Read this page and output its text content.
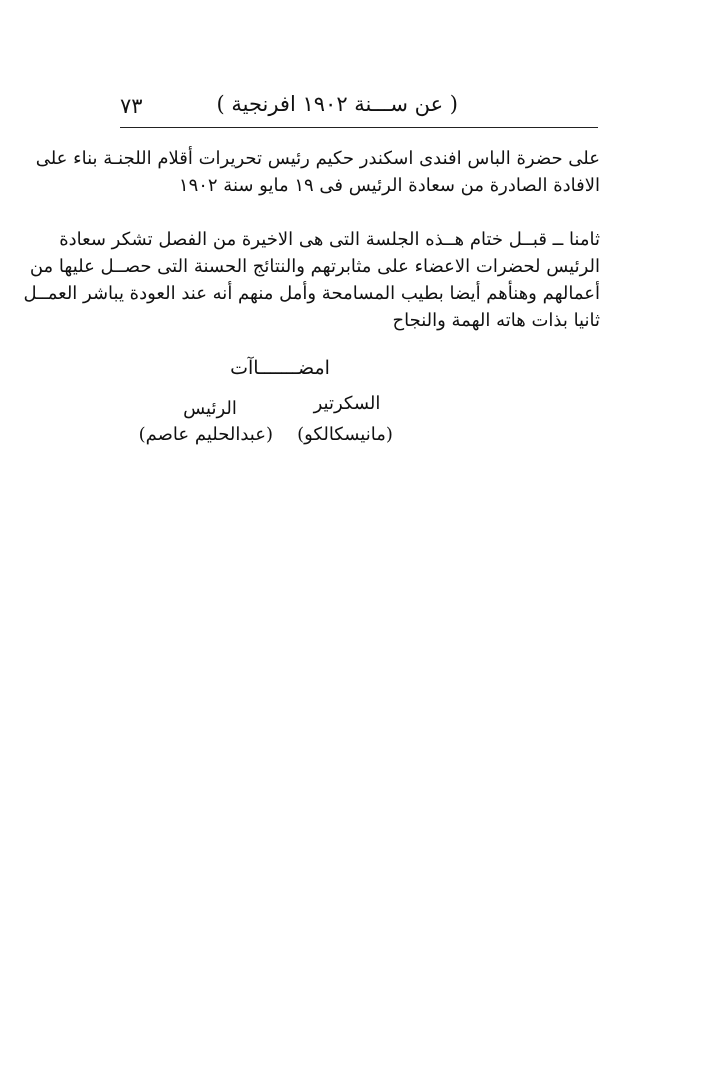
( عن ســـنة ١٩٠٢ افرنجية )
٧٣
على حضرة الباس افندى اسكندر حكيم رئيس تحريرات أقلام اللجنـة بناء على
الافادة الصادرة من سعادة الرئيس فى ١٩ مايو سنة ١٩٠٢
ثامنا ــ قبــل ختام هــذه الجلسة التى هى الاخيرة من الفصل تشكر سعادة
الرئيس لحضرات الاعضاء على مثابرتهم والنتائج الحسنة التى حصــل عليها من
أعمالهم وهنأهم أيضا بطيب المسامحة وأمل منهم أنه عند العودة يباشر العمــل
ثانيا بذات هاته الهمة والنجاح
امضـــــــاآت
السكرتير
الرئيس
(مانيسكالكو)
(عبدالحليم عاصم)
